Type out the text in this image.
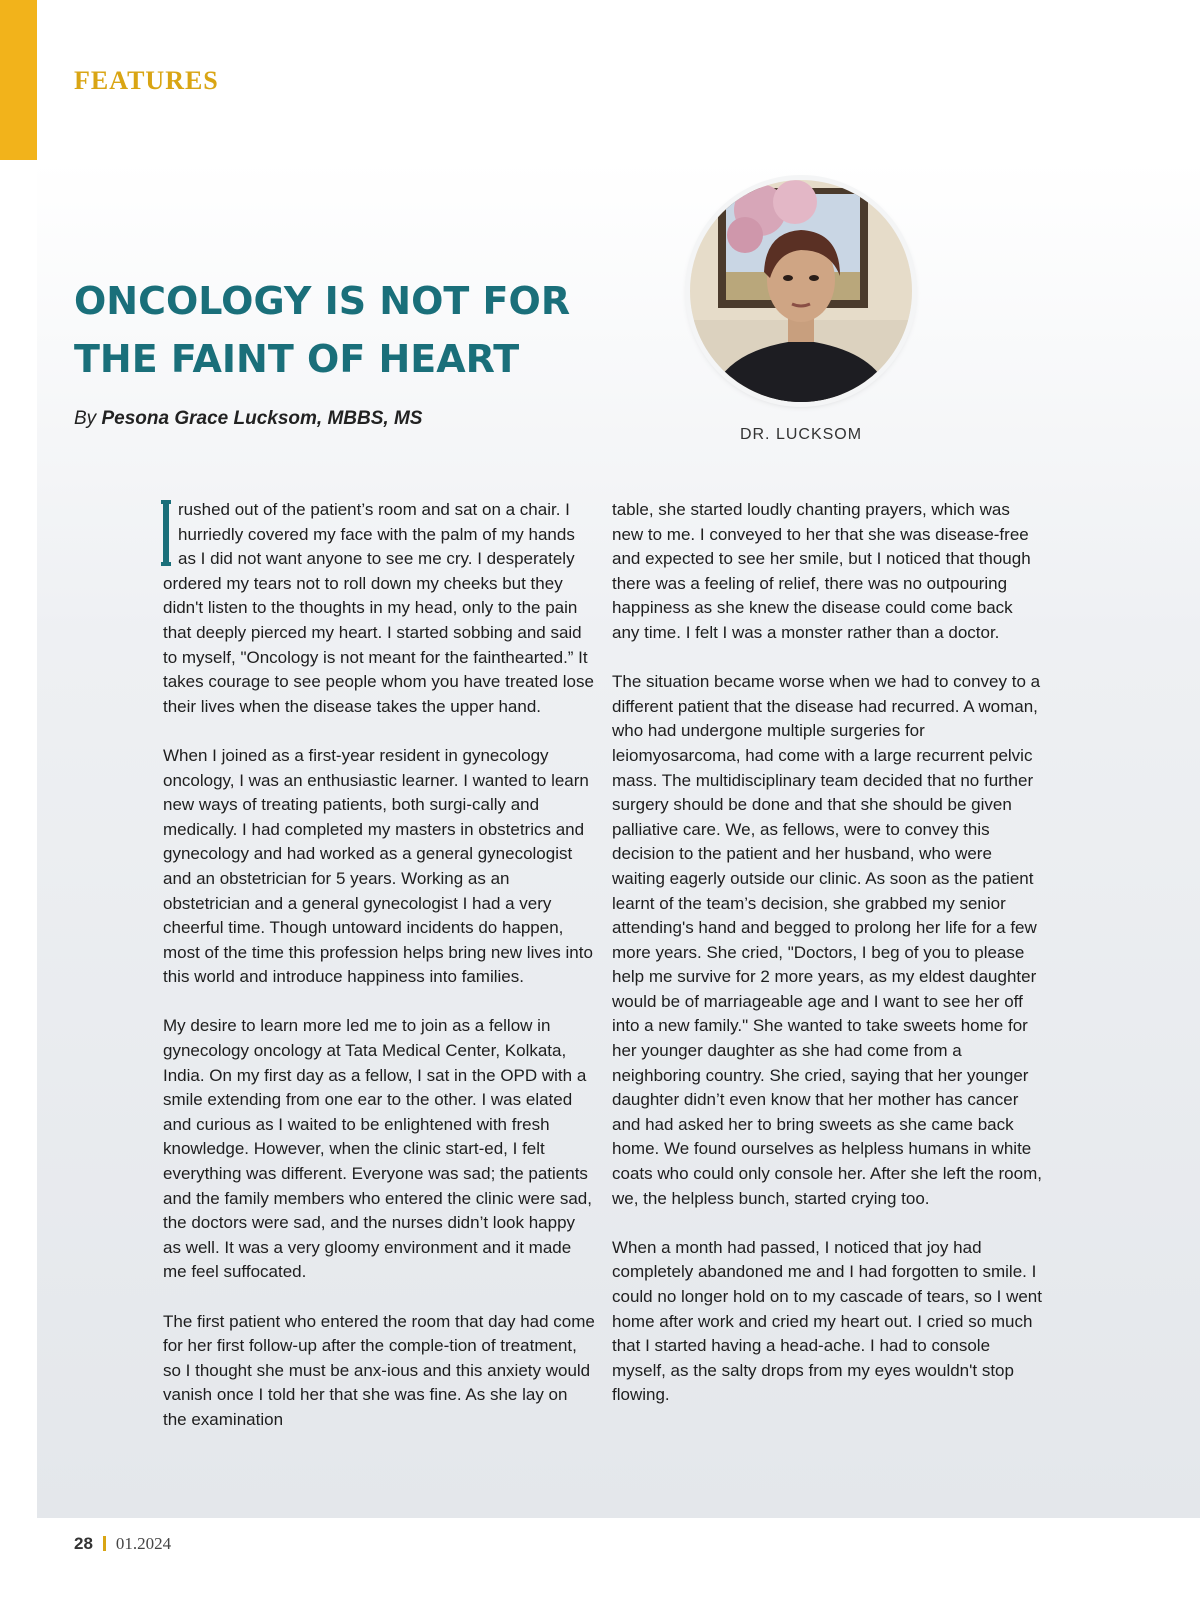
FEATURES
ONCOLOGY IS NOT FOR
THE FAINT OF HEART
By Pesona Grace Lucksom, MBBS, MS
DR. LUCKSOM

rushed out of the patient’s room and sat on a chair. I hurriedly covered my face with the palm of my hands as I did not want anyone to see me cry. I desperately ordered my tears not to roll down my cheeks but they didn't listen to the thoughts in my head, only to the pain that deeply pierced my heart. I started sobbing and said to myself, "Oncology is not meant for the fainthearted.” It takes courage to see people whom you have treated lose their lives when the disease takes the upper hand.

When I joined as a first-year resident in gynecology oncology, I was an enthusiastic learner. I wanted to learn new ways of treating patients, both surgi-cally and medically. I had completed my masters in obstetrics and gynecology and had worked as a general gynecologist and an obstetrician for 5 years. Working as an obstetrician and a general gynecologist I had a very cheerful time. Though untoward incidents do happen, most of the time this profession helps bring new lives into this world and introduce happiness into families.

My desire to learn more led me to join as a fellow in gynecology oncology at Tata Medical Center, Kolkata, India. On my first day as a fellow, I sat in the OPD with a smile extending from one ear to the other. I was elated and curious as I waited to be enlightened with fresh knowledge. However, when the clinic start-ed, I felt everything was different. Everyone was sad; the patients and the family members who entered the clinic were sad, the doctors were sad, and the nurses didn’t look happy as well. It was a very gloomy environment and it made me feel suffocated.

The first patient who entered the room that day had come for her first follow-up after the comple-tion of treatment, so I thought she must be anx-ious and this anxiety would vanish once I told her that she was fine. As she lay on the examination

table, she started loudly chanting prayers, which was new to me. I conveyed to her that she was disease-free and expected to see her smile, but I noticed that though there was a feeling of relief, there was no outpouring happiness as she knew the disease could come back any time. I felt I was a monster rather than a doctor.

The situation became worse when we had to convey to a different patient that the disease had recurred. A woman, who had undergone multiple surgeries for leiomyosarcoma, had come with a large recurrent pelvic mass. The multidisciplinary team decided that no further surgery should be done and that she should be given palliative care. We, as fellows, were to convey this decision to the patient and her husband, who were waiting eagerly outside our clinic. As soon as the patient learnt of the team’s decision, she grabbed my senior attending's hand and begged to prolong her life for a few more years. She cried, "Doctors, I beg of you to please help me survive for 2 more years, as my eldest daughter would be of marriageable age and I want to see her off into a new family." She wanted to take sweets home for her younger daughter as she had come from a neighboring country. She cried, saying that her younger daughter didn’t even know that her mother has cancer and had asked her to bring sweets as she came back home. We found ourselves as helpless humans in white coats who could only console her. After she left the room, we, the helpless bunch, started crying too.

When a month had passed, I noticed that joy had completely abandoned me and I had forgotten to smile. I could no longer hold on to my cascade of tears, so I went home after work and cried my heart out. I cried so much that I started having a head-ache. I had to console myself, as the salty drops from my eyes wouldn't stop flowing.

28 01.2024
